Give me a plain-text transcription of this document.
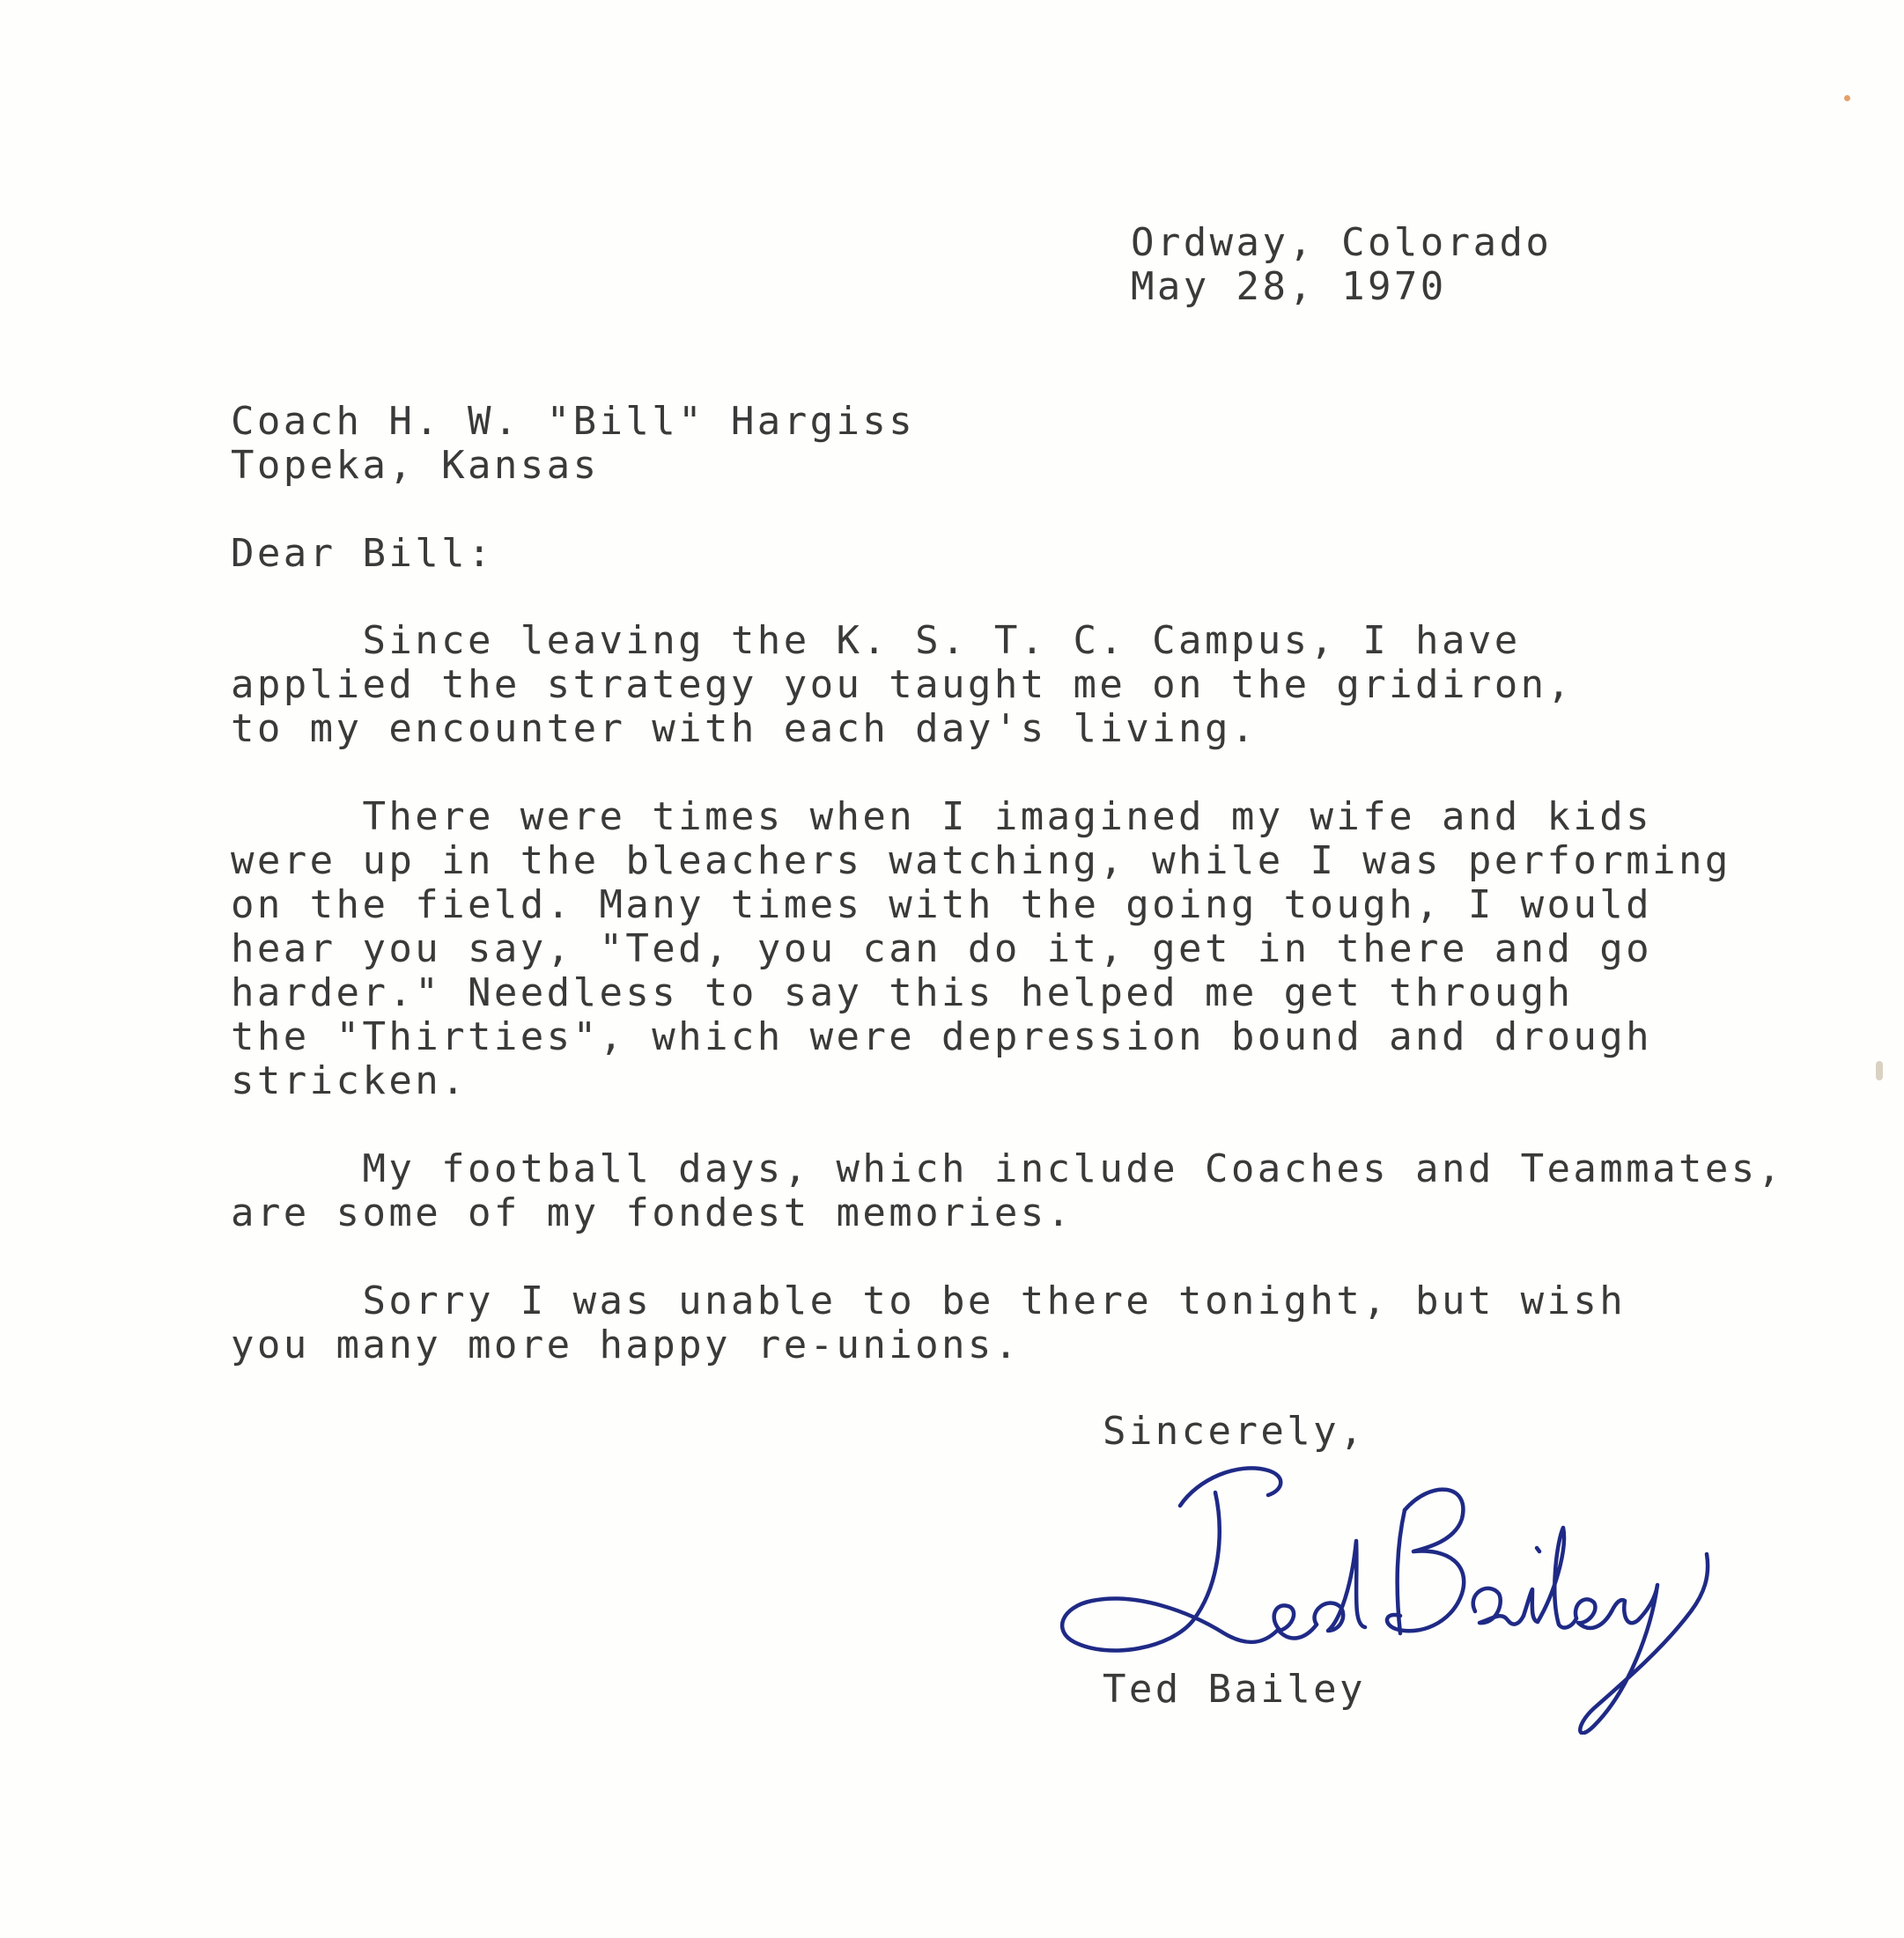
Ordway, Colorado

May 28, 1970

Coach H. W. "Bill" Hargiss

Topeka, Kansas

Dear Bill:

Since leaving the K. S. T. C. Campus, I have

applied the strategy you taught me on the gridiron,

to my encounter with each day's living.

There were times when I imagined my wife and kids

were up in the bleachers watching, while I was performing

on the field. Many times with the going tough, I would

hear you say, "Ted, you can do it, get in there and go

harder." Needless to say this helped me get through

the "Thirties", which were depression bound and drough

stricken.

My football days, which include Coaches and Teammates,

are some of my fondest memories.

Sorry I was unable to be there tonight, but wish

you many more happy re-unions.

Sincerely,

Ted Bailey
